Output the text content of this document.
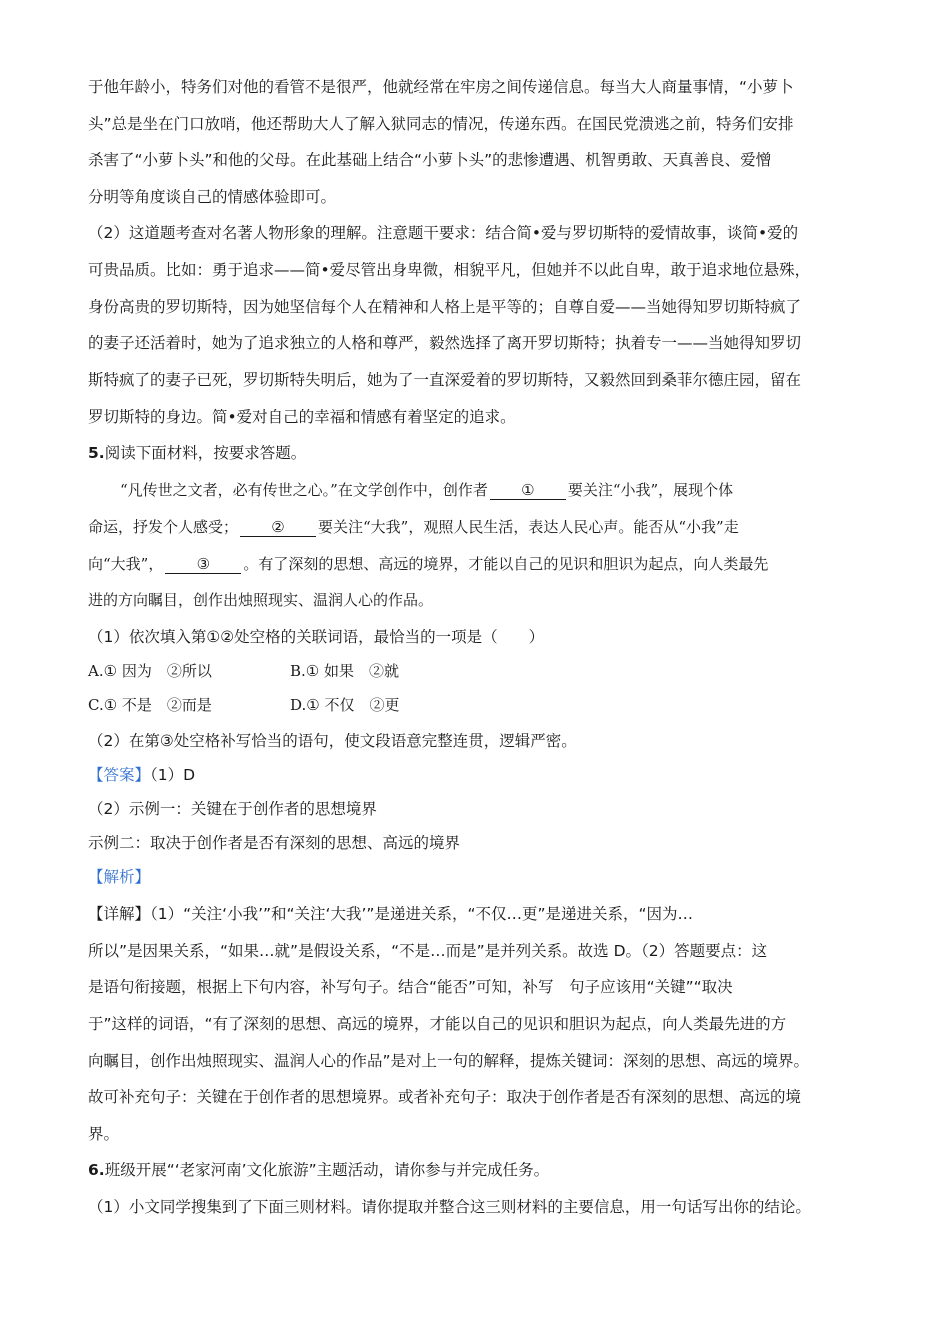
于他年龄小，特务们对他的看管不是很严，他就经常在牢房之间传递信息。每当大人商量事情，“小萝卜
头”总是坐在门口放哨，他还帮助大人了解入狱同志的情况，传递东西。在国民党溃逃之前，特务们安排
杀害了“小萝卜头”和他的父母。在此基础上结合“小萝卜头”的悲惨遭遇、机智勇敢、天真善良、爱憎
分明等角度谈自己的情感体验即可。
（2）这道题考查对名著人物形象的理解。注意题干要求：结合简•爱与罗切斯特的爱情故事，谈简•爱的
可贵品质。比如：勇于追求——简•爱尽管出身卑微，相貌平凡，但她并不以此自卑，敢于追求地位悬殊，
身份高贵的罗切斯特，因为她坚信每个人在精神和人格上是平等的；自尊自爱——当她得知罗切斯特疯了
的妻子还活着时，她为了追求独立的人格和尊严，毅然选择了离开罗切斯特；执着专一——当她得知罗切
斯特疯了的妻子已死，罗切斯特失明后，她为了一直深爱着的罗切斯特，又毅然回到桑菲尔德庄园，留在
罗切斯特的身边。简•爱对自己的幸福和情感有着坚定的追求。
5.阅读下面材料，按要求答题。
“凡传世之文者，必有传世之心。”在文学创作中，创作者 ① 要关注“小我”，展现个体
命运，抒发个人感受； ② 要关注“大我”，观照人民生活，表达人民心声。能否从“小我”走
向“大我”， ③ 。有了深刻的思想、高远的境界，才能以自己的见识和胆识为起点，向人类最先
进的方向瞩目，创作出烛照现实、温润人心的作品。
（1）依次填入第①②处空格的关联词语，最恰当的一项是（　　）
A.① 因为　②所以	B.① 如果　②就
C.① 不是　②而是	D.① 不仅　②更
（2）在第③处空格补写恰当的语句，使文段语意完整连贯，逻辑严密。
【答案】（1）D
（2）示例一：关键在于创作者的思想境界
示例二：取决于创作者是否有深刻的思想、高远的境界
【解析】
【详解】（1）“关注‘小我’”和“关注‘大我’”是递进关系，“不仅…更”是递进关系，“因为…
所以”是因果关系，“如果…就”是假设关系，“不是…而是”是并列关系。故选 D。（2）答题要点：这
是语句衔接题，根据上下句内容，补写句子。结合“能否”可知，补写　句子应该用“关键”“取决
于”这样的词语，“有了深刻的思想、高远的境界，才能以自己的见识和胆识为起点，向人类最先进的方
向瞩目，创作出烛照现实、温润人心的作品”是对上一句的解释，提炼关键词：深刻的思想、高远的境界。
故可补充句子：关键在于创作者的思想境界。或者补充句子：取决于创作者是否有深刻的思想、高远的境
界。
6.班级开展“‘老家河南’文化旅游”主题活动，请你参与并完成任务。
（1）小文同学搜集到了下面三则材料。请你提取并整合这三则材料的主要信息，用一句话写出你的结论。
